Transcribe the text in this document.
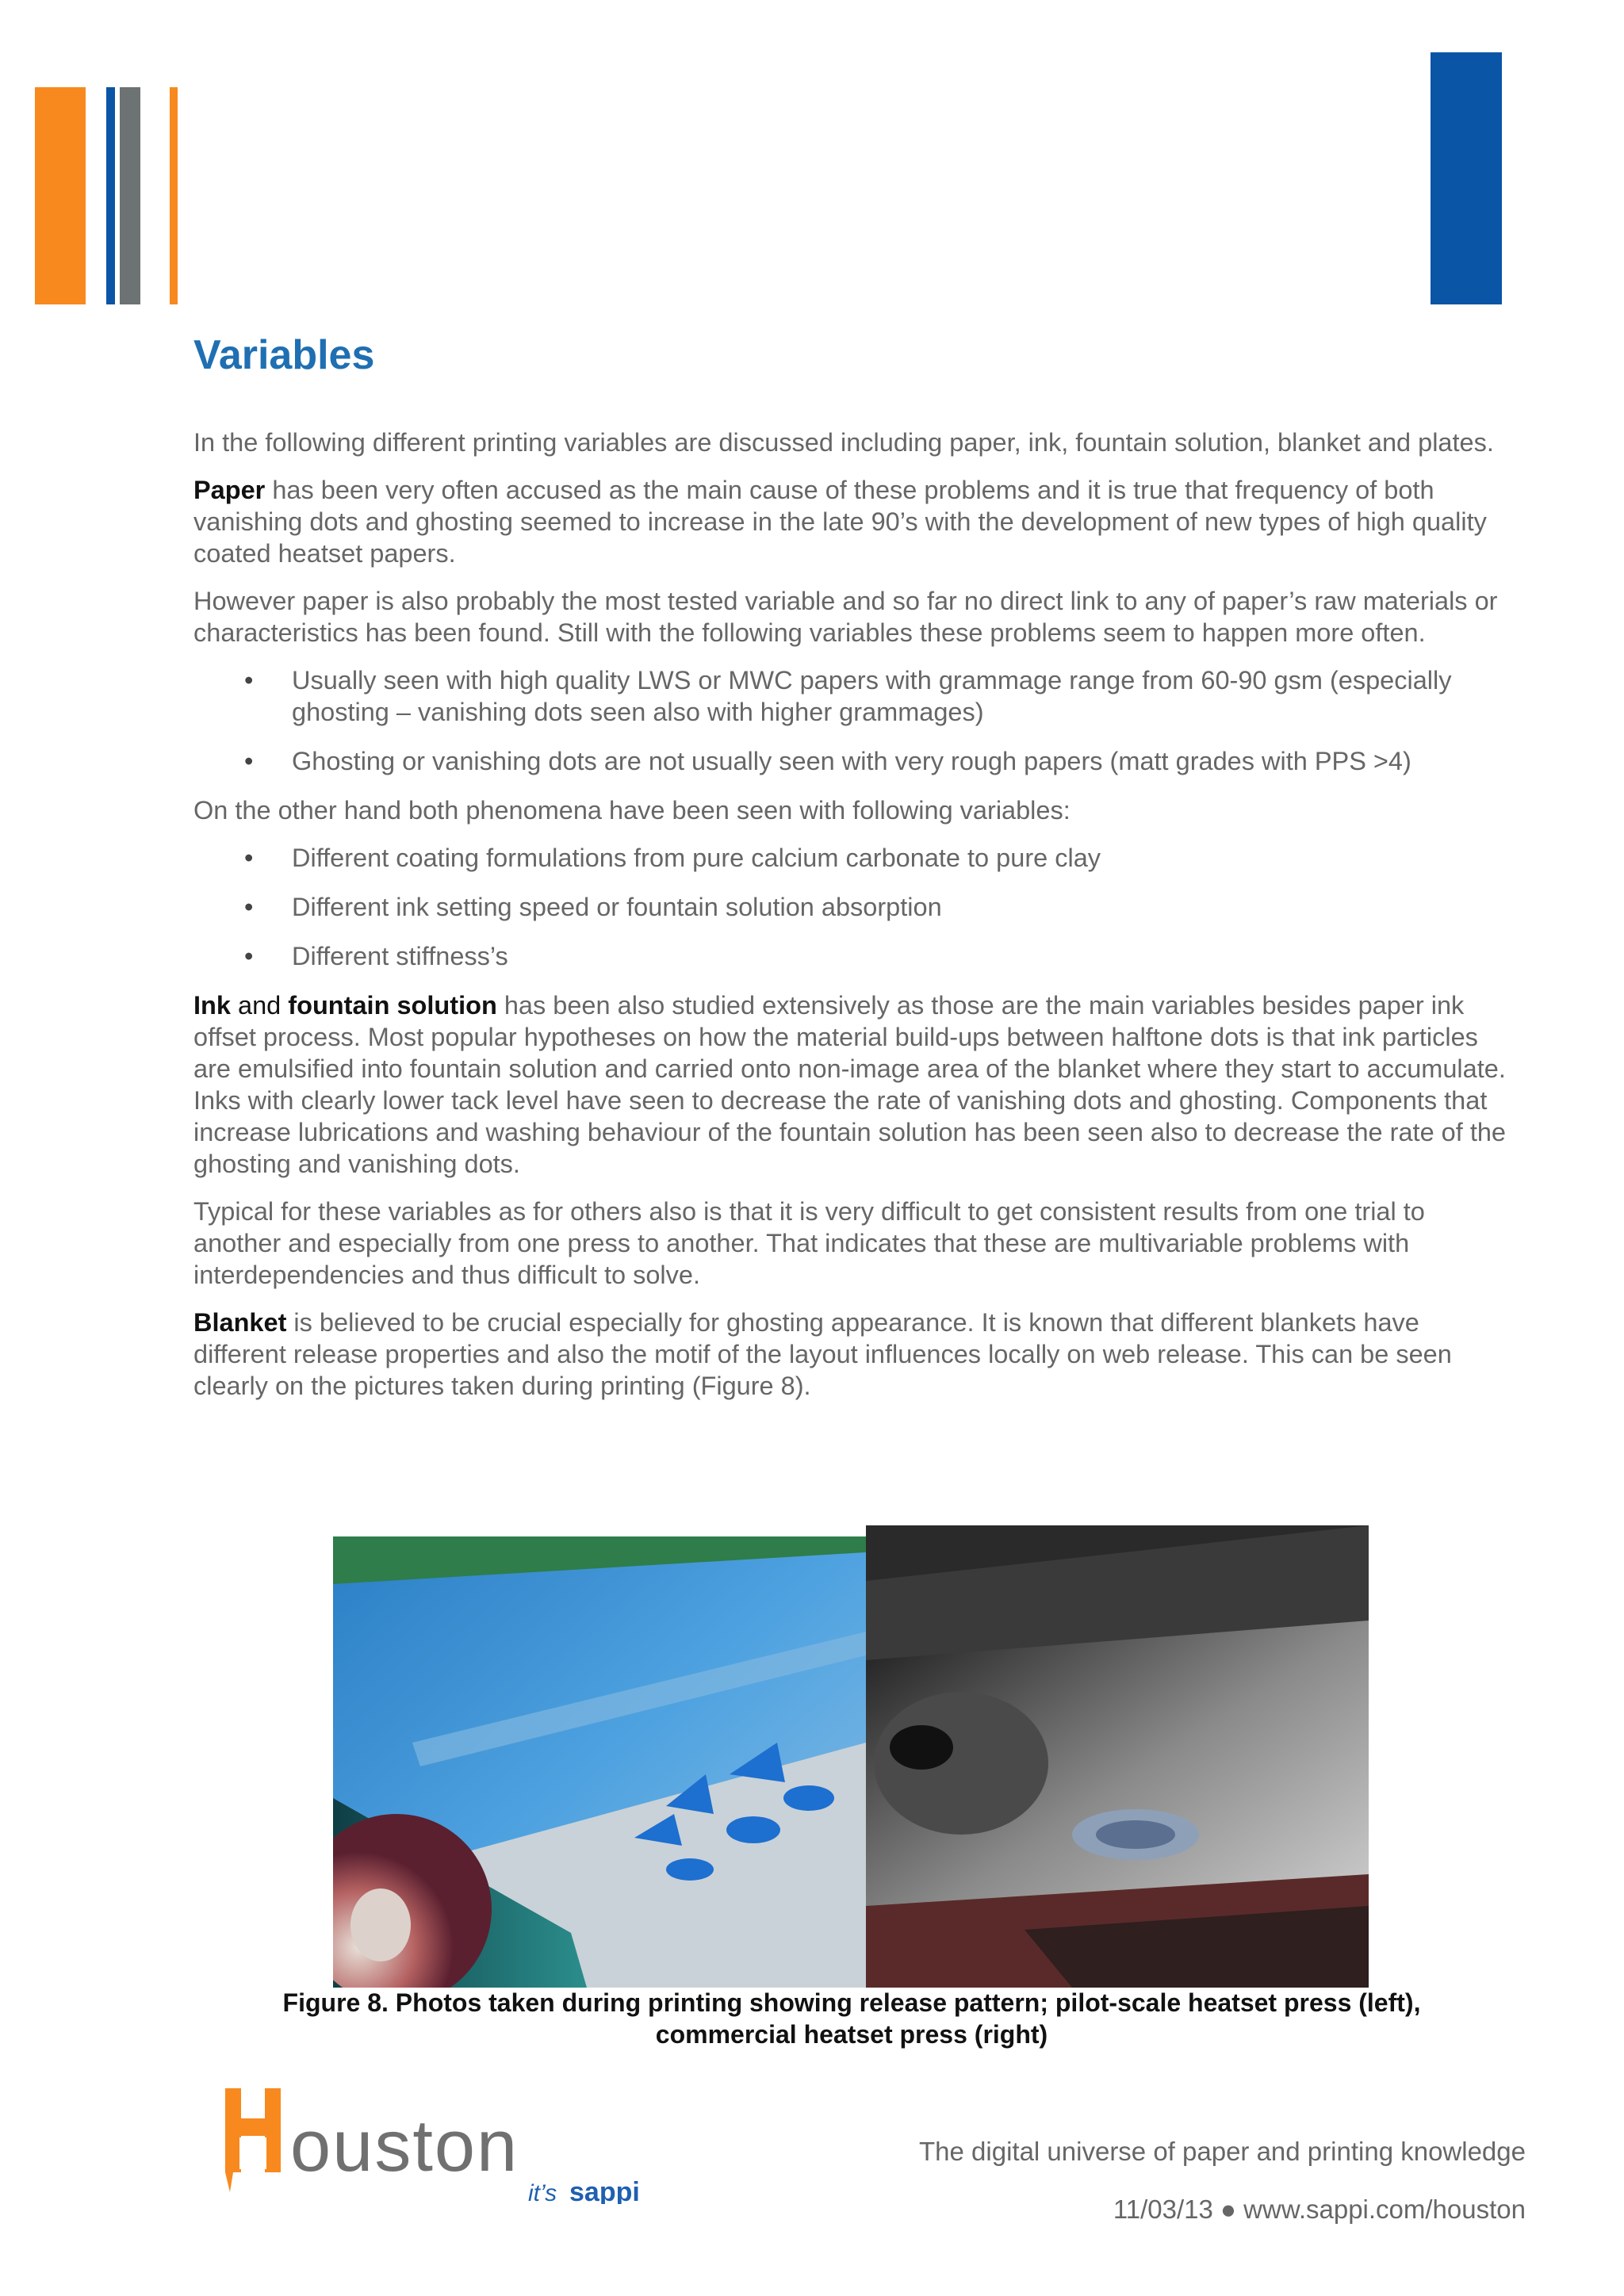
Variables

In the following different printing variables are discussed including paper, ink, fountain solution, blanket and plates.

Paper has been very often accused as the main cause of these problems and it is true that frequency of both vanishing dots and ghosting seemed to increase in the late 90’s with the development of new types of high quality coated heatset papers.

However paper is also probably the most tested variable and so far no direct link to any of paper’s raw materials or characteristics has been found. Still with the following variables these problems seem to happen more often.

• Usually seen with high quality LWS or MWC papers with grammage range from 60-90 gsm (especially ghosting – vanishing dots seen also with higher grammages)
• Ghosting or vanishing dots are not usually seen with very rough papers (matt grades with PPS >4)

On the other hand both phenomena have been seen with following variables:

• Different coating formulations from pure calcium carbonate to pure clay
• Different ink setting speed or fountain solution absorption
• Different stiffness’s

Ink and fountain solution has been also studied extensively as those are the main variables besides paper ink offset process. Most popular hypotheses on how the material build-ups between halftone dots is that ink particles are emulsified into fountain solution and carried onto non-image area of the blanket where they start to accumulate. Inks with clearly lower tack level have seen to decrease the rate of vanishing dots and ghosting. Components that increase lubrications and washing behaviour of the fountain solution has been seen also to decrease the rate of the ghosting and vanishing dots.

Typical for these variables as for others also is that it is very difficult to get consistent results from one trial to another and especially from one press to another. That indicates that these are multivariable problems with interdependencies and thus difficult to solve.

Blanket is believed to be crucial especially for ghosting appearance. It is known that different blankets have different release properties and also the motif of the layout influences locally on web release. This can be seen clearly on the pictures taken during printing (Figure 8).

Figure 8. Photos taken during printing showing release pattern; pilot-scale heatset press (left),
commercial heatset press (right)
ouston
it’s sappi
The digital universe of paper and printing knowledge
11/03/13 ● www.sappi.com/houston
